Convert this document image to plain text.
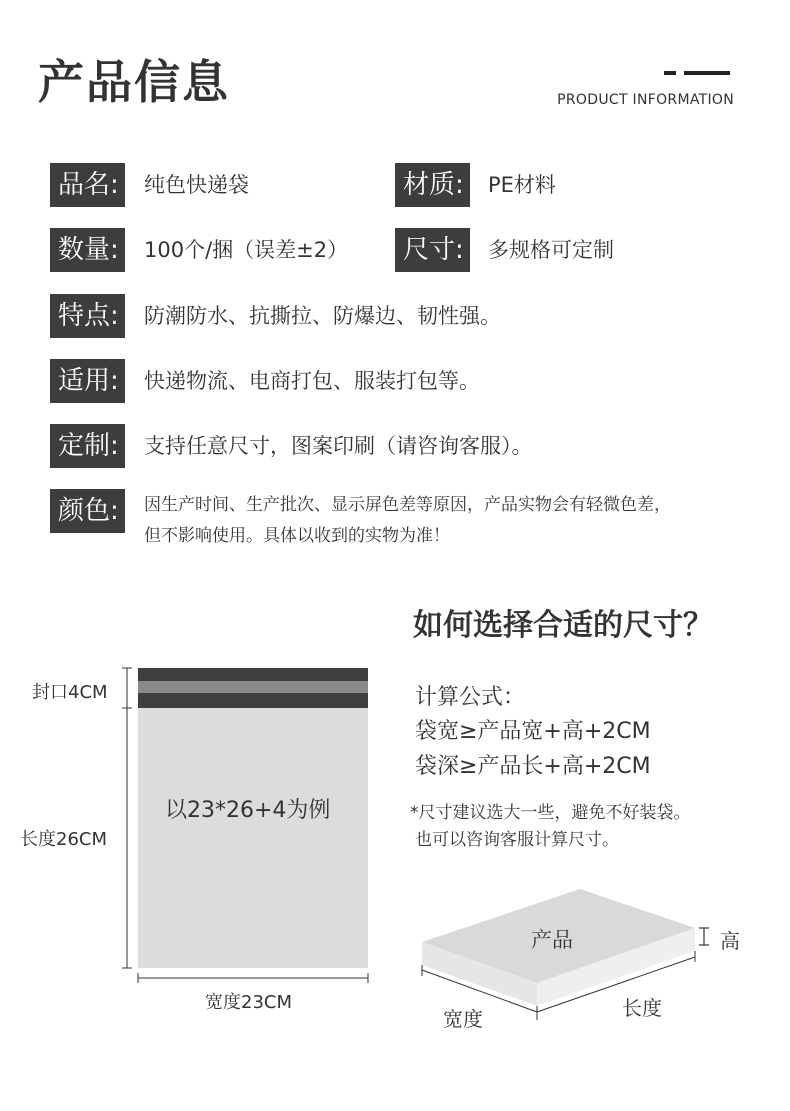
产品信息	PRODUCT INFORMATION
品名: 纯色快递袋	材质: PE材料
数量: 100个/捆（误差±2）	尺寸: 多规格可定制
特点: 防潮防水、抗撕拉、防爆边、韧性强。
适用: 快递物流、电商打包、服装打包等。
定制: 支持任意尺寸，图案印刷（请咨询客服）。
颜色:	因生产时间、生产批次、显示屏色差等原因，产品实物会有轻微色差，
但不影响使用。具体以收到的实物为准！
如何选择合适的尺寸？
计算公式：
袋宽≥产品宽+高+2CM
袋深≥产品长+高+2CM
*尺寸建议选大一些，避免不好装袋。
也可以咨询客服计算尺寸。
封口4CM
长度26CM
宽度23CM
以23*26+4为例
产品	高
宽度	长度
